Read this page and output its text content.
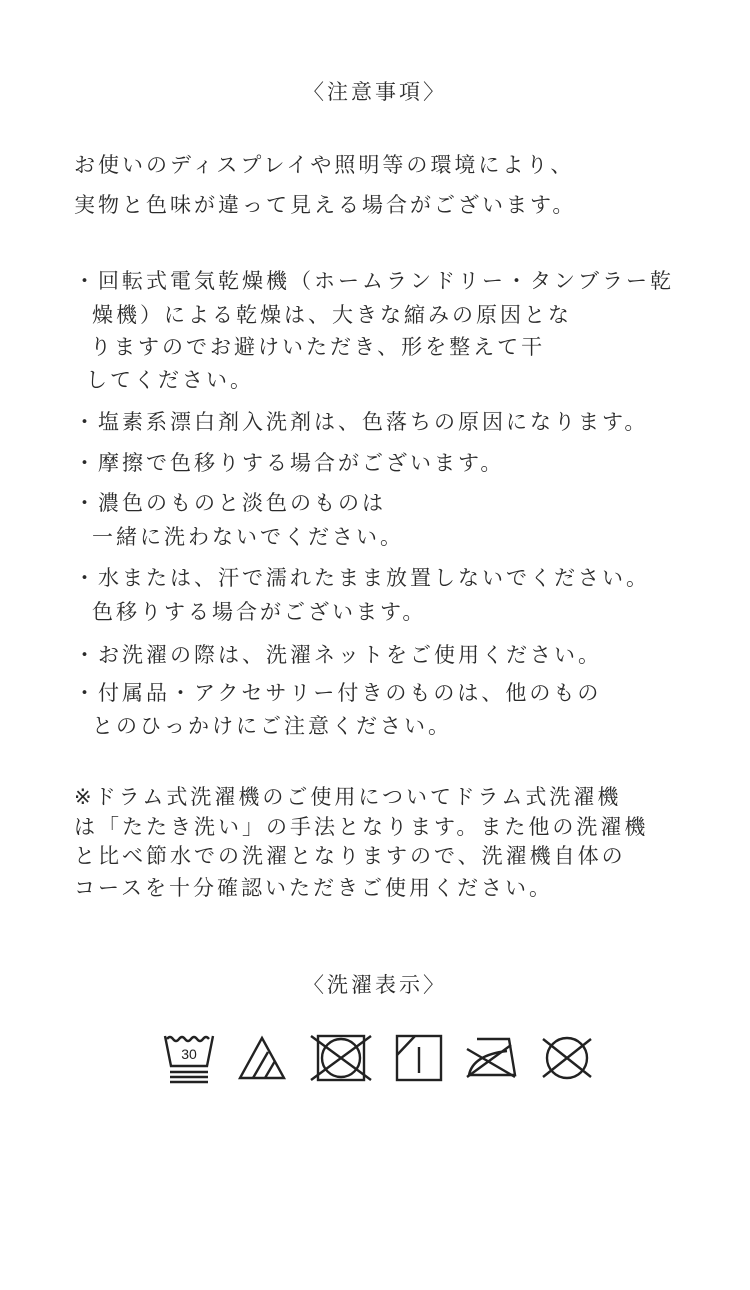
〈注意事項〉
お使いのディスプレイや照明等の環境により、
実物と色味が違って見える場合がございます。
・回転式電気乾燥機（ホームランドリー・タンブラー乾
燥機）による乾燥は、大きな縮みの原因とな
りますのでお避けいただき、形を整えて干
してください。
・塩素系漂白剤入洗剤は、色落ちの原因になります。
・摩擦で色移りする場合がございます。
・濃色のものと淡色のものは
一緒に洗わないでください。
・水または、汗で濡れたまま放置しないでください。
色移りする場合がございます。
・お洗濯の際は、洗濯ネットをご使用ください。
・付属品・アクセサリー付きのものは、他のもの
とのひっかけにご注意ください。
※ドラム式洗濯機のご使用についてドラム式洗濯機
は「たたき洗い」の手法となります。また他の洗濯機
と比べ節水での洗濯となりますので、洗濯機自体の
コースを十分確認いただきご使用ください。
〈洗濯表示〉
30
